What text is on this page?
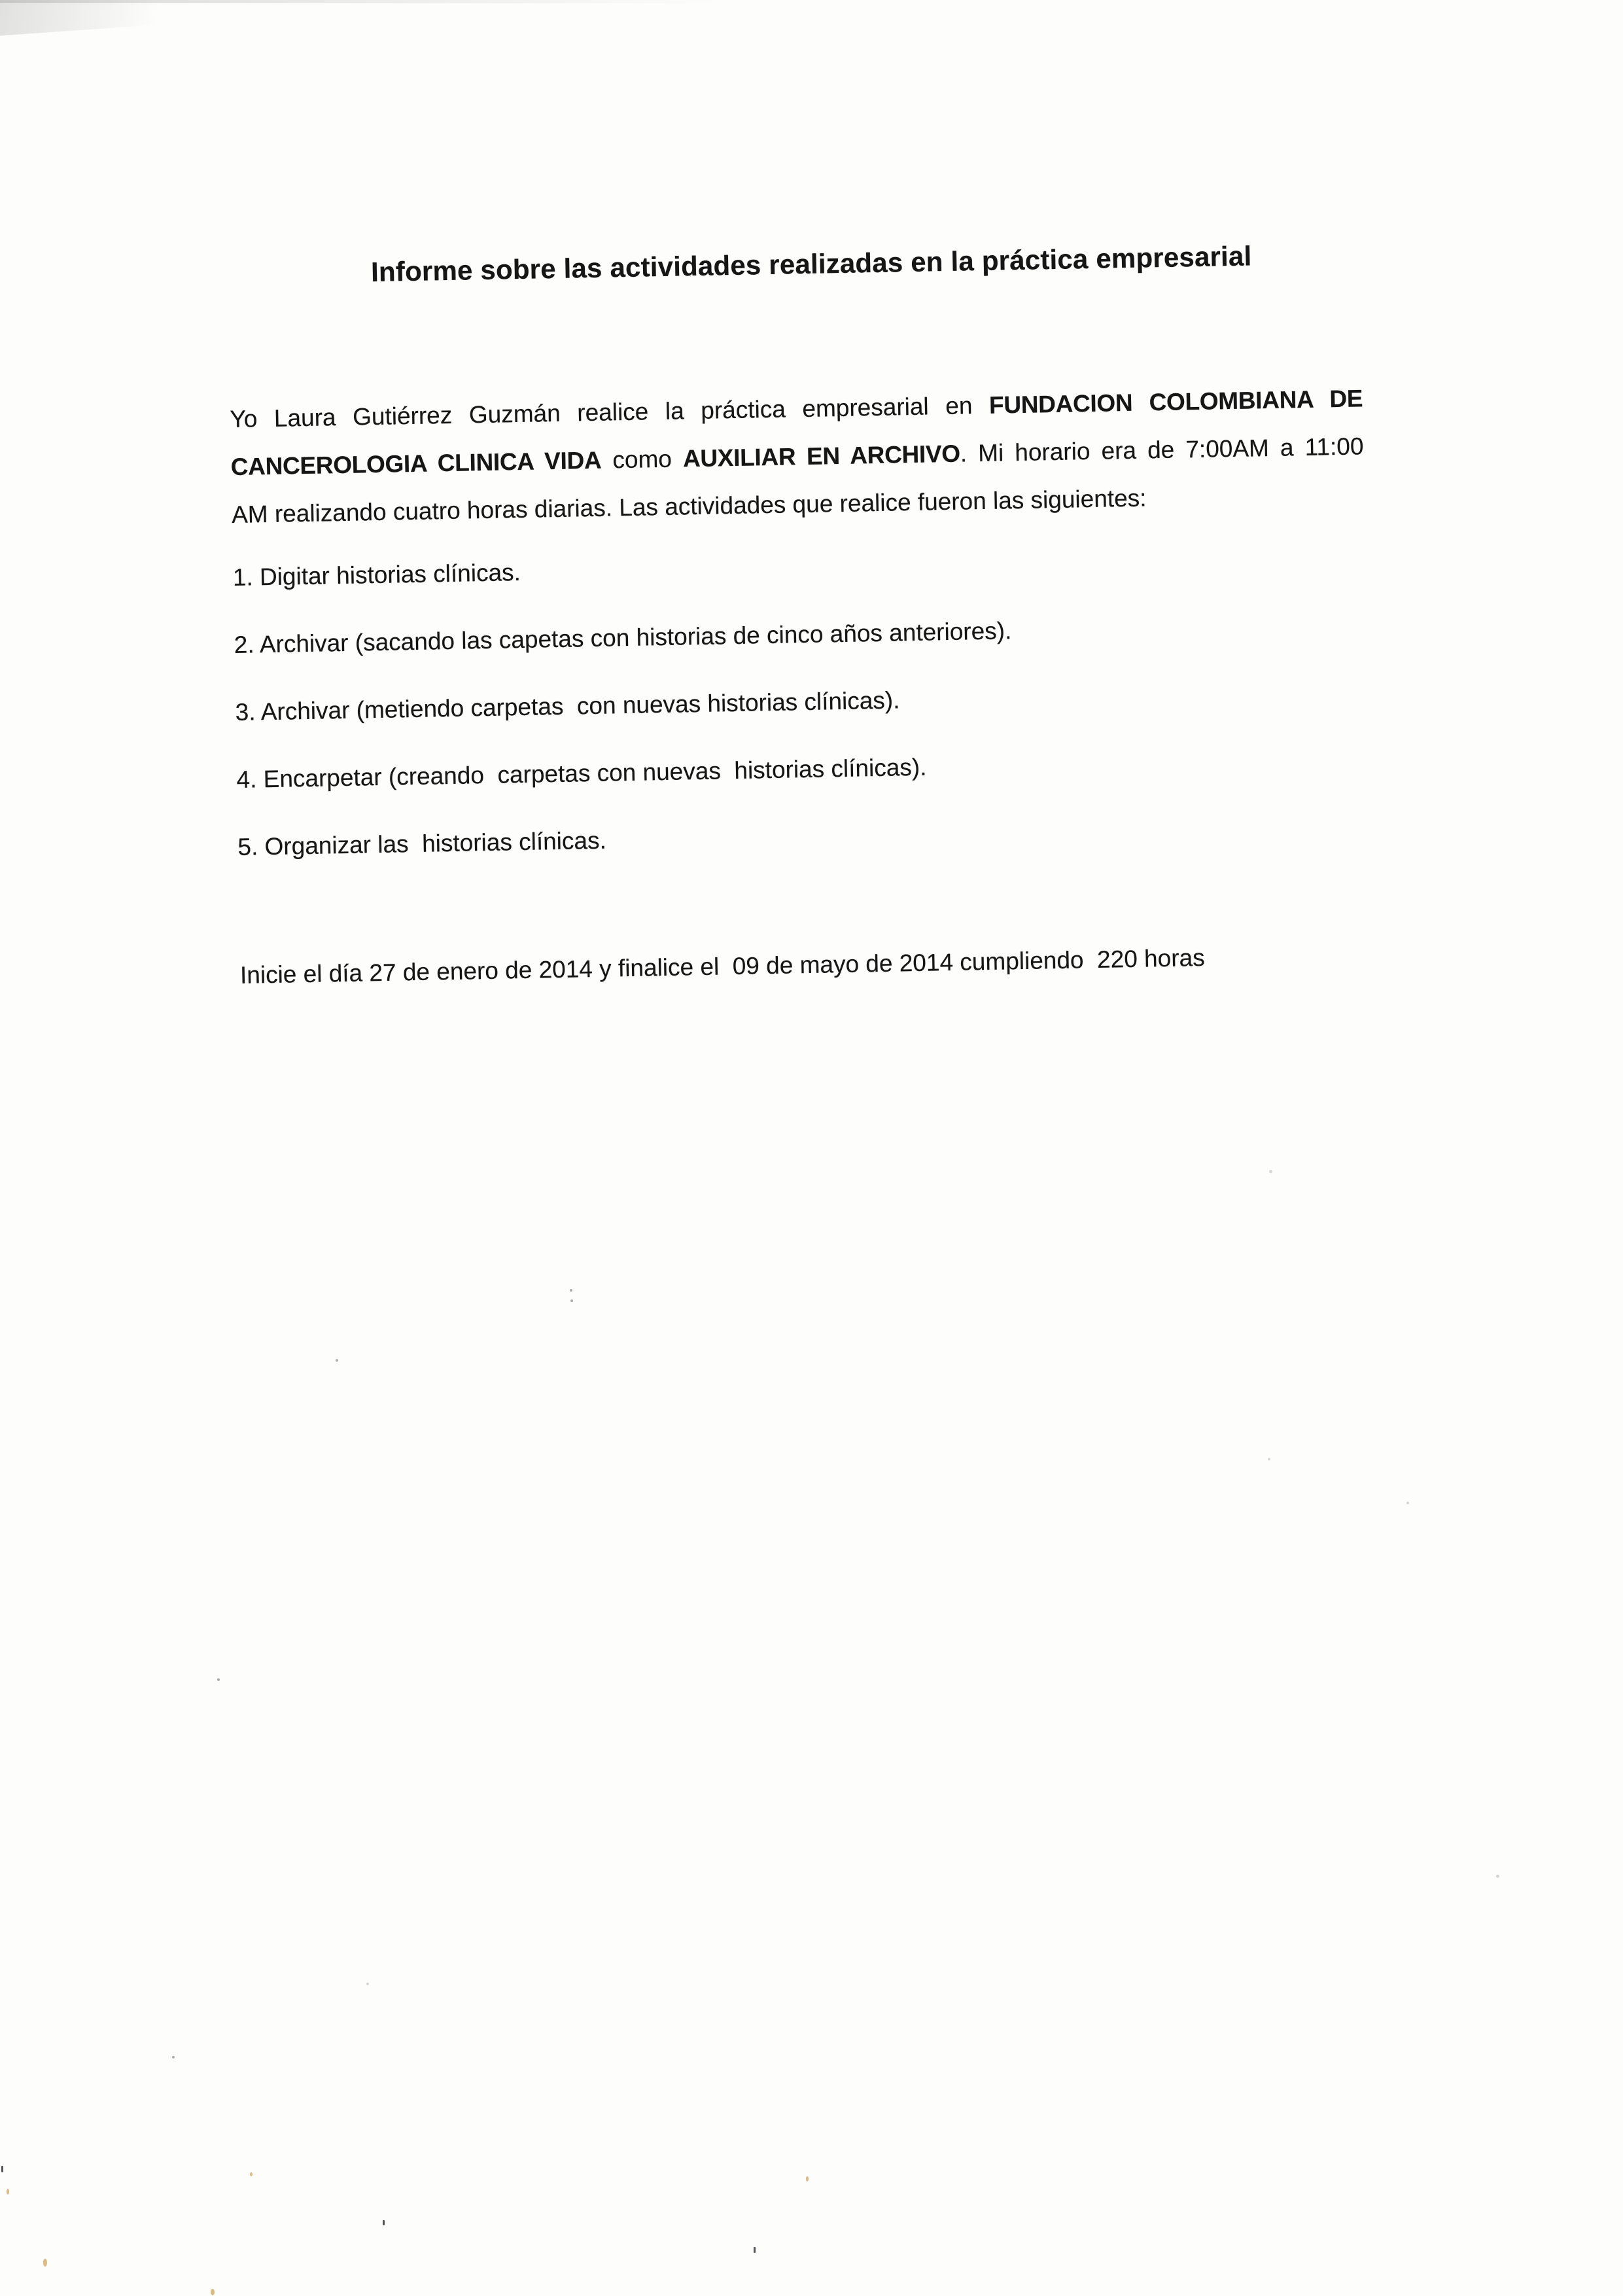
Informe sobre las actividades realizadas en la práctica empresarial
Yo Laura Gutiérrez Guzmán realice la práctica empresarial en FUNDACION COLOMBIANA DE
CANCEROLOGIA CLINICA VIDA como AUXILIAR EN ARCHIVO. Mi horario era de 7:00AM a 11:00
AM realizando cuatro horas diarias. Las actividades que realice fueron las siguientes:
1. Digitar historias clínicas.
2. Archivar (sacando las capetas con historias de cinco años anteriores).
3. Archivar (metiendo carpetas  con nuevas historias clínicas).
4. Encarpetar (creando  carpetas con nuevas  historias clínicas).
5. Organizar las  historias clínicas.
Inicie el día 27 de enero de 2014 y finalice el  09 de mayo de 2014 cumpliendo  220 horas
